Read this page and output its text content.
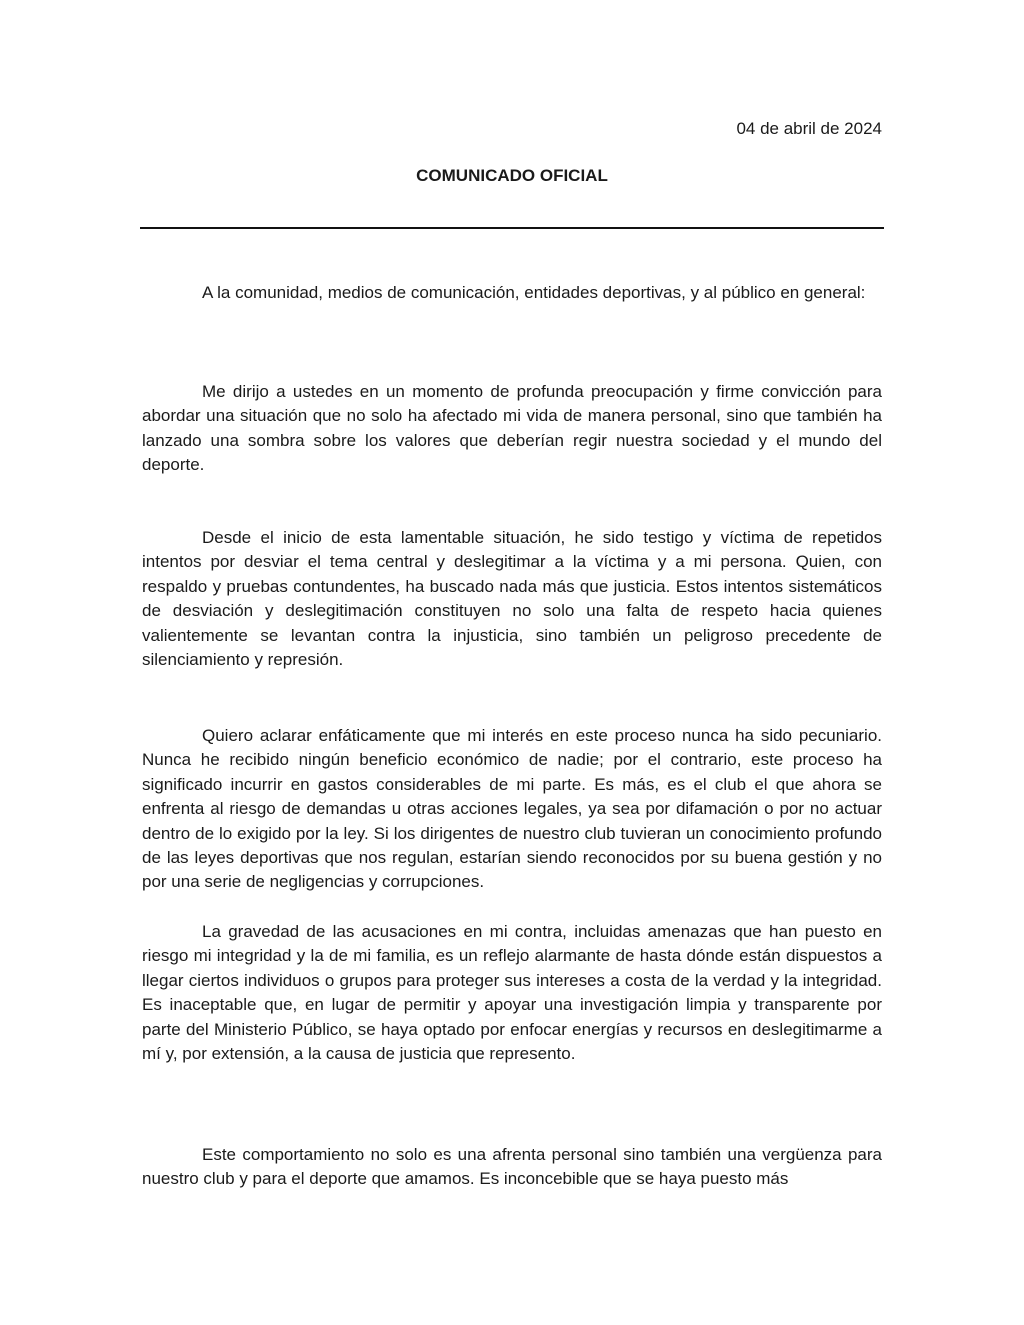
04 de abril de 2024
COMUNICADO OFICIAL

A la comunidad, medios de comunicación, entidades deportivas, y al público en general:

Me dirijo a ustedes en un momento de profunda preocupación y firme convicción para abordar una situación que no solo ha afectado mi vida de manera personal, sino que también ha lanzado una sombra sobre los valores que deberían regir nuestra sociedad y el mundo del deporte.

Desde el inicio de esta lamentable situación, he sido testigo y víctima de repetidos intentos por desviar el tema central y deslegitimar a la víctima y a mi persona. Quien, con respaldo y pruebas contundentes, ha buscado nada más que justicia. Estos intentos sistemáticos de desviación y deslegitimación constituyen no solo una falta de respeto hacia quienes valientemente se levantan contra la injusticia, sino también un peligroso precedente de silenciamiento y represión.

Quiero aclarar enfáticamente que mi interés en este proceso nunca ha sido pecuniario. Nunca he recibido ningún beneficio económico de nadie; por el contrario, este proceso ha significado incurrir en gastos considerables de mi parte. Es más, es el club el que ahora se enfrenta al riesgo de demandas u otras acciones legales, ya sea por difamación o por no actuar dentro de lo exigido por la ley. Si los dirigentes de nuestro club tuvieran un conocimiento profundo de las leyes deportivas que nos regulan, estarían siendo reconocidos por su buena gestión y no por una serie de negligencias y corrupciones.

La gravedad de las acusaciones en mi contra, incluidas amenazas que han puesto en riesgo mi integridad y la de mi familia, es un reflejo alarmante de hasta dónde están dispuestos a llegar ciertos individuos o grupos para proteger sus intereses a costa de la verdad y la integridad. Es inaceptable que, en lugar de permitir y apoyar una investigación limpia y transparente por parte del Ministerio Público, se haya optado por enfocar energías y recursos en deslegitimarme a mí y, por extensión, a la causa de justicia que represento.

Este comportamiento no solo es una afrenta personal sino también una vergüenza para nuestro club y para el deporte que amamos. Es inconcebible que se haya puesto más
